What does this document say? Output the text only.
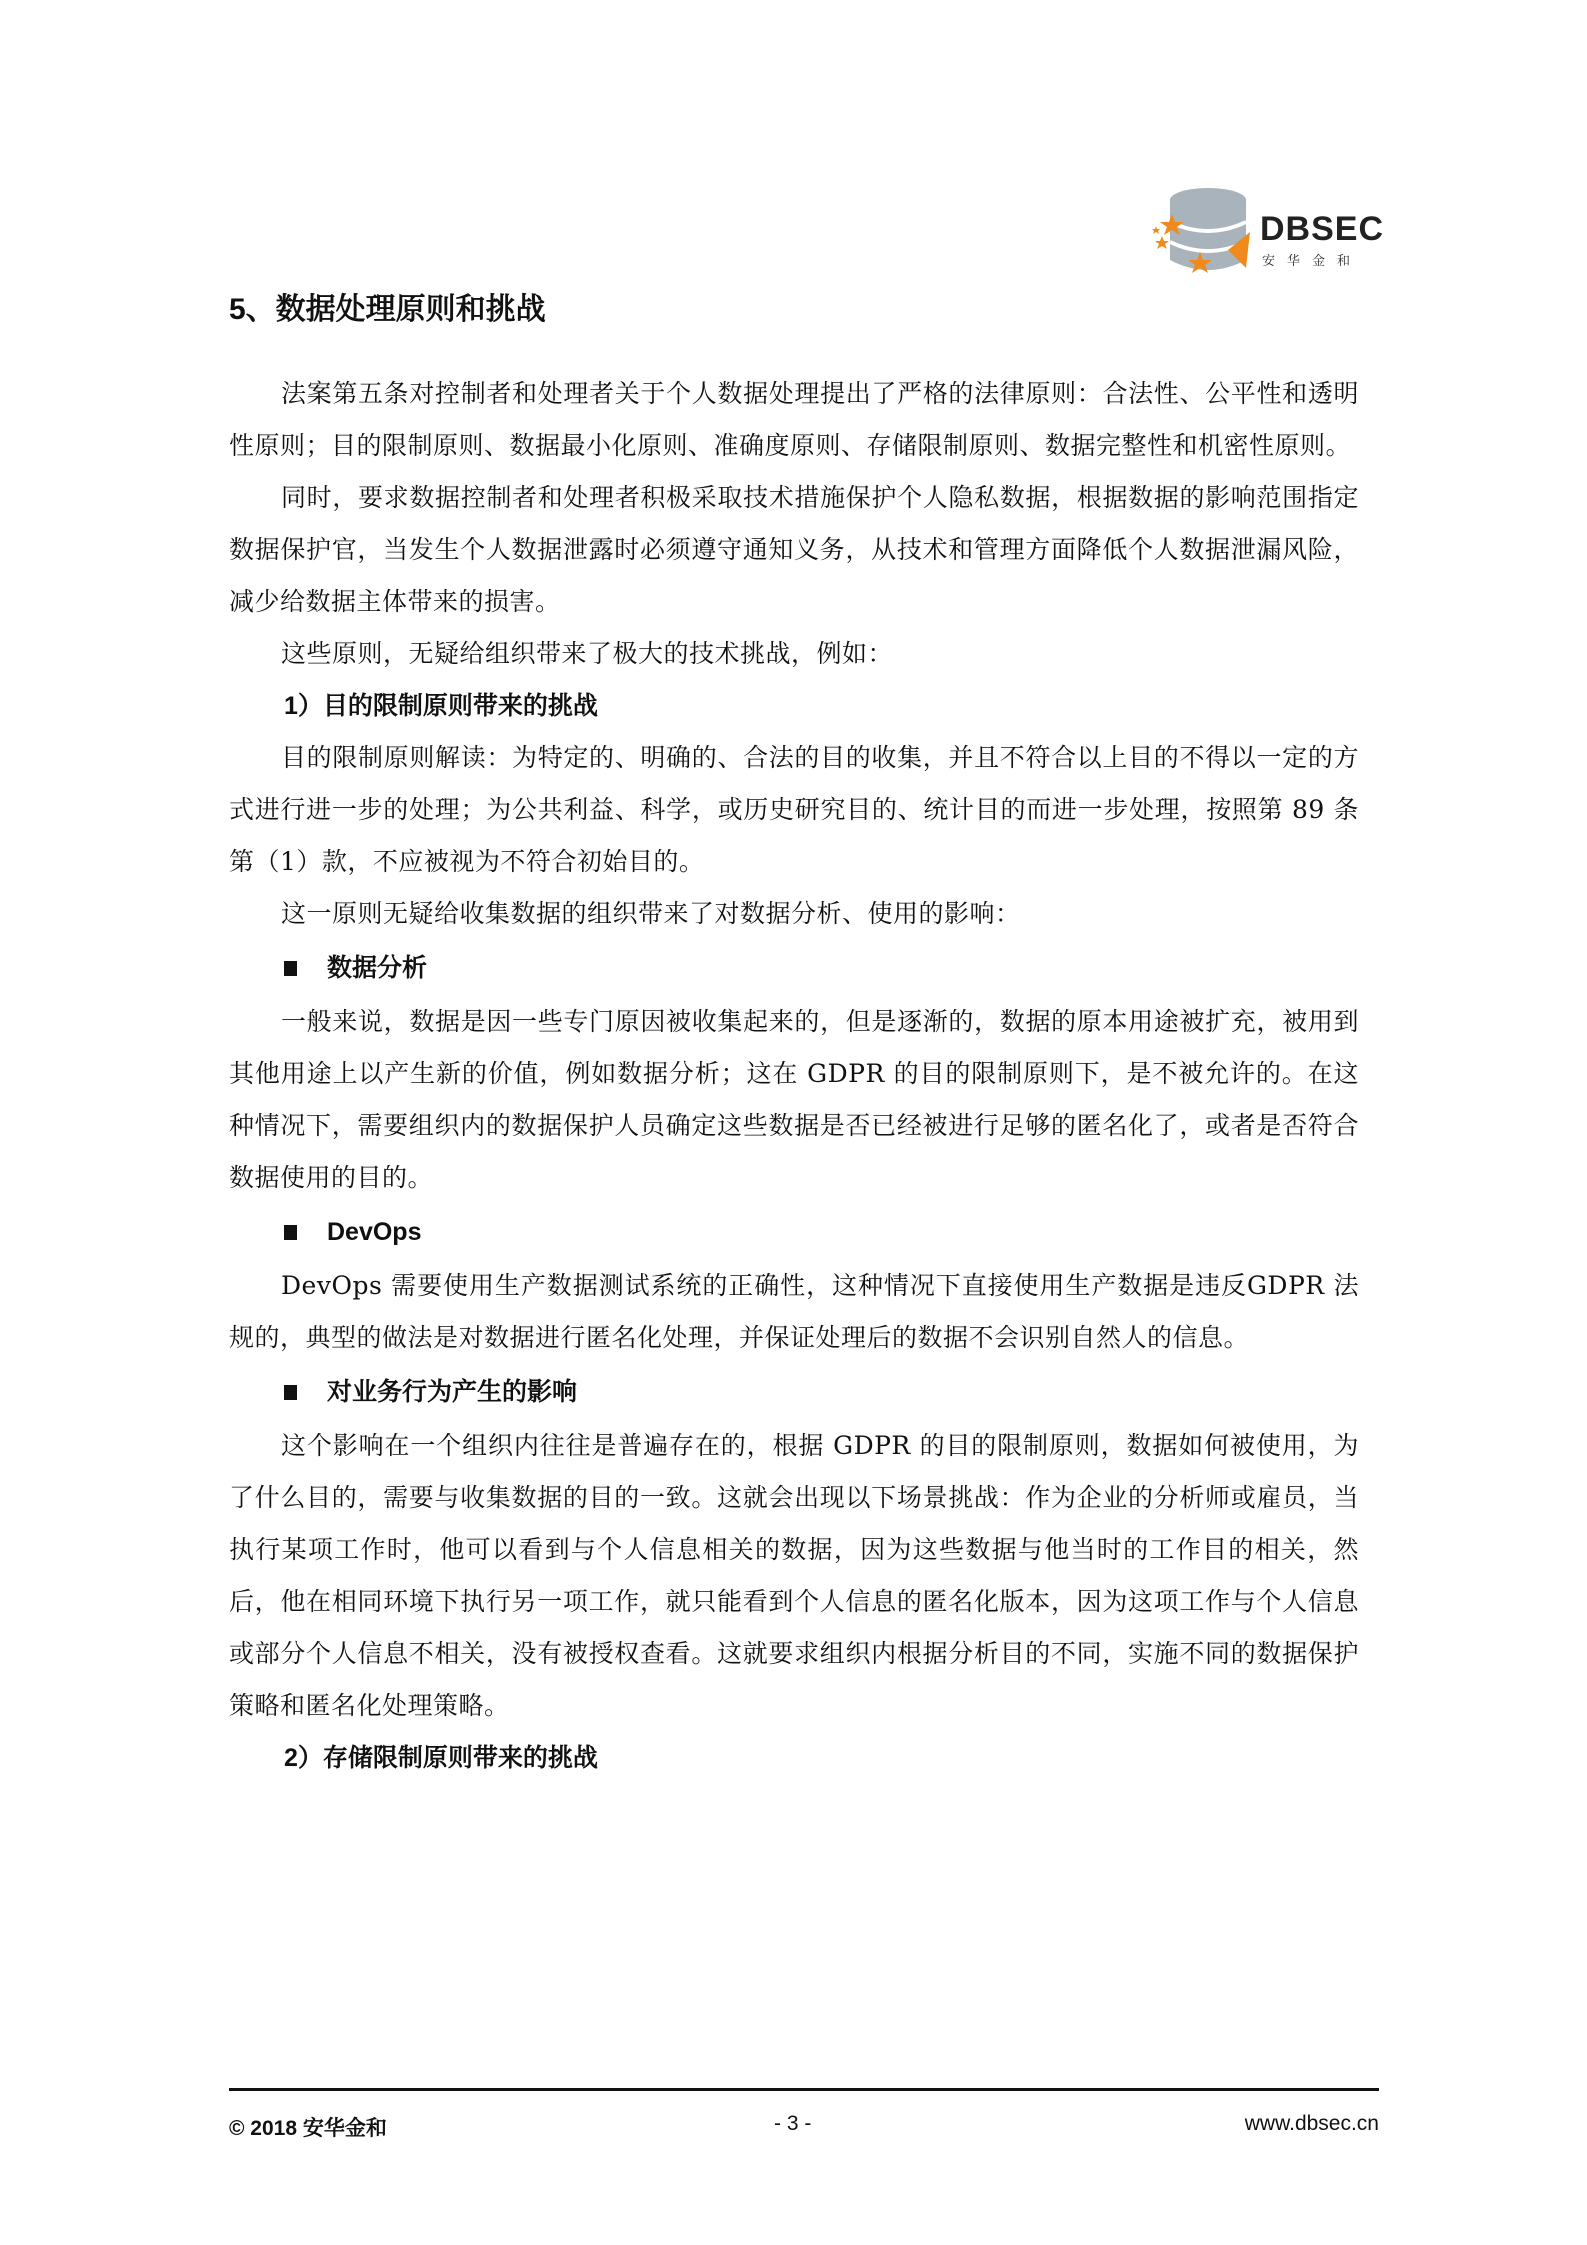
DBSEC
安华金和
5、数据处理原则和挑战

法案第五条对控制者和处理者关于个人数据处理提出了严格的法律原则：合法性、公平性和透明性原则；目的限制原则、数据最小化原则、准确度原则、存储限制原则、数据完整性和机密性原则。

同时，要求数据控制者和处理者积极采取技术措施保护个人隐私数据，根据数据的影响范围指定数据保护官，当发生个人数据泄露时必须遵守通知义务，从技术和管理方面降低个人数据泄漏风险，减少给数据主体带来的损害。

这些原则，无疑给组织带来了极大的技术挑战，例如：

1）目的限制原则带来的挑战

目的限制原则解读：为特定的、明确的、合法的目的收集，并且不符合以上目的不得以一定的方式进行进一步的处理；为公共利益、科学，或历史研究目的、统计目的而进一步处理，按照第 89 条第（1）款，不应被视为不符合初始目的。

这一原则无疑给收集数据的组织带来了对数据分析、使用的影响：

数据分析

一般来说，数据是因一些专门原因被收集起来的，但是逐渐的，数据的原本用途被扩充，被用到其他用途上以产生新的价值，例如数据分析；这在 GDPR 的目的限制原则下，是不被允许的。在这种情况下，需要组织内的数据保护人员确定这些数据是否已经被进行足够的匿名化了，或者是否符合数据使用的目的。

DevOps

DevOps 需要使用生产数据测试系统的正确性，这种情况下直接使用生产数据是违反GDPR 法规的，典型的做法是对数据进行匿名化处理，并保证处理后的数据不会识别自然人的信息。

对业务行为产生的影响

这个影响在一个组织内往往是普遍存在的，根据 GDPR 的目的限制原则，数据如何被使用，为了什么目的，需要与收集数据的目的一致。这就会出现以下场景挑战：作为企业的分析师或雇员，当执行某项工作时，他可以看到与个人信息相关的数据，因为这些数据与他当时的工作目的相关，然后，他在相同环境下执行另一项工作，就只能看到个人信息的匿名化版本，因为这项工作与个人信息或部分个人信息不相关，没有被授权查看。这就要求组织内根据分析目的不同，实施不同的数据保护策略和匿名化处理策略。

2）存储限制原则带来的挑战
© 2018 安华金和	- 3 -	www.dbsec.cn
